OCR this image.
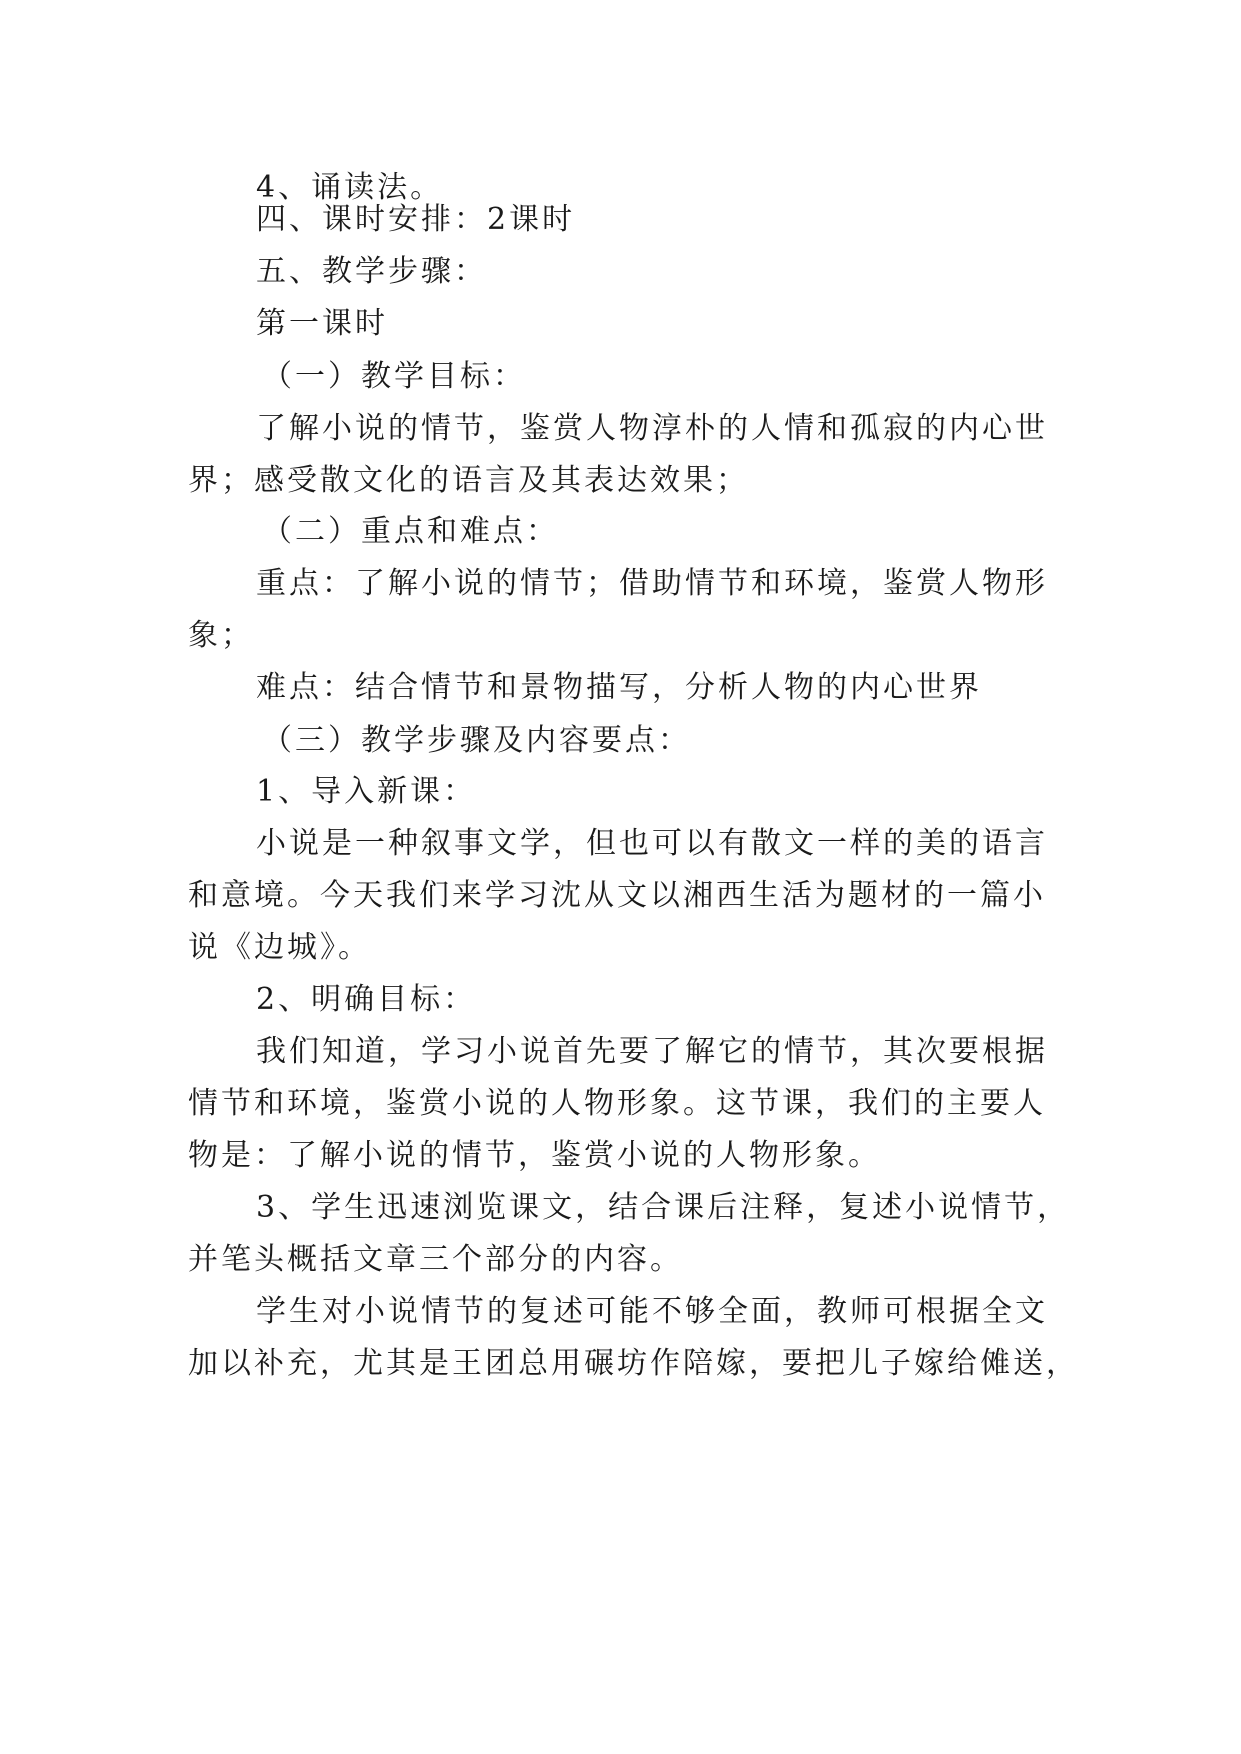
4、诵读法。

四、课时安排：2课时

五、教学步骤：

第一课时

（一）教学目标：

了解小说的情节，鉴赏人物淳朴的人情和孤寂的内心世

界；感受散文化的语言及其表达效果；

（二）重点和难点：

重点：了解小说的情节；借助情节和环境，鉴赏人物形

象；

难点：结合情节和景物描写，分析人物的内心世界

（三）教学步骤及内容要点：

1、导入新课：

小说是一种叙事文学，但也可以有散文一样的美的语言

和意境。今天我们来学习沈从文以湘西生活为题材的一篇小

说《边城》。

2、明确目标：

我们知道，学习小说首先要了解它的情节，其次要根据

情节和环境，鉴赏小说的人物形象。这节课，我们的主要人

物是：了解小说的情节，鉴赏小说的人物形象。

3、学生迅速浏览课文，结合课后注释，复述小说情节，

并笔头概括文章三个部分的内容。

学生对小说情节的复述可能不够全面，教师可根据全文

加以补充，尤其是王团总用碾坊作陪嫁，要把儿子嫁给傩送，
